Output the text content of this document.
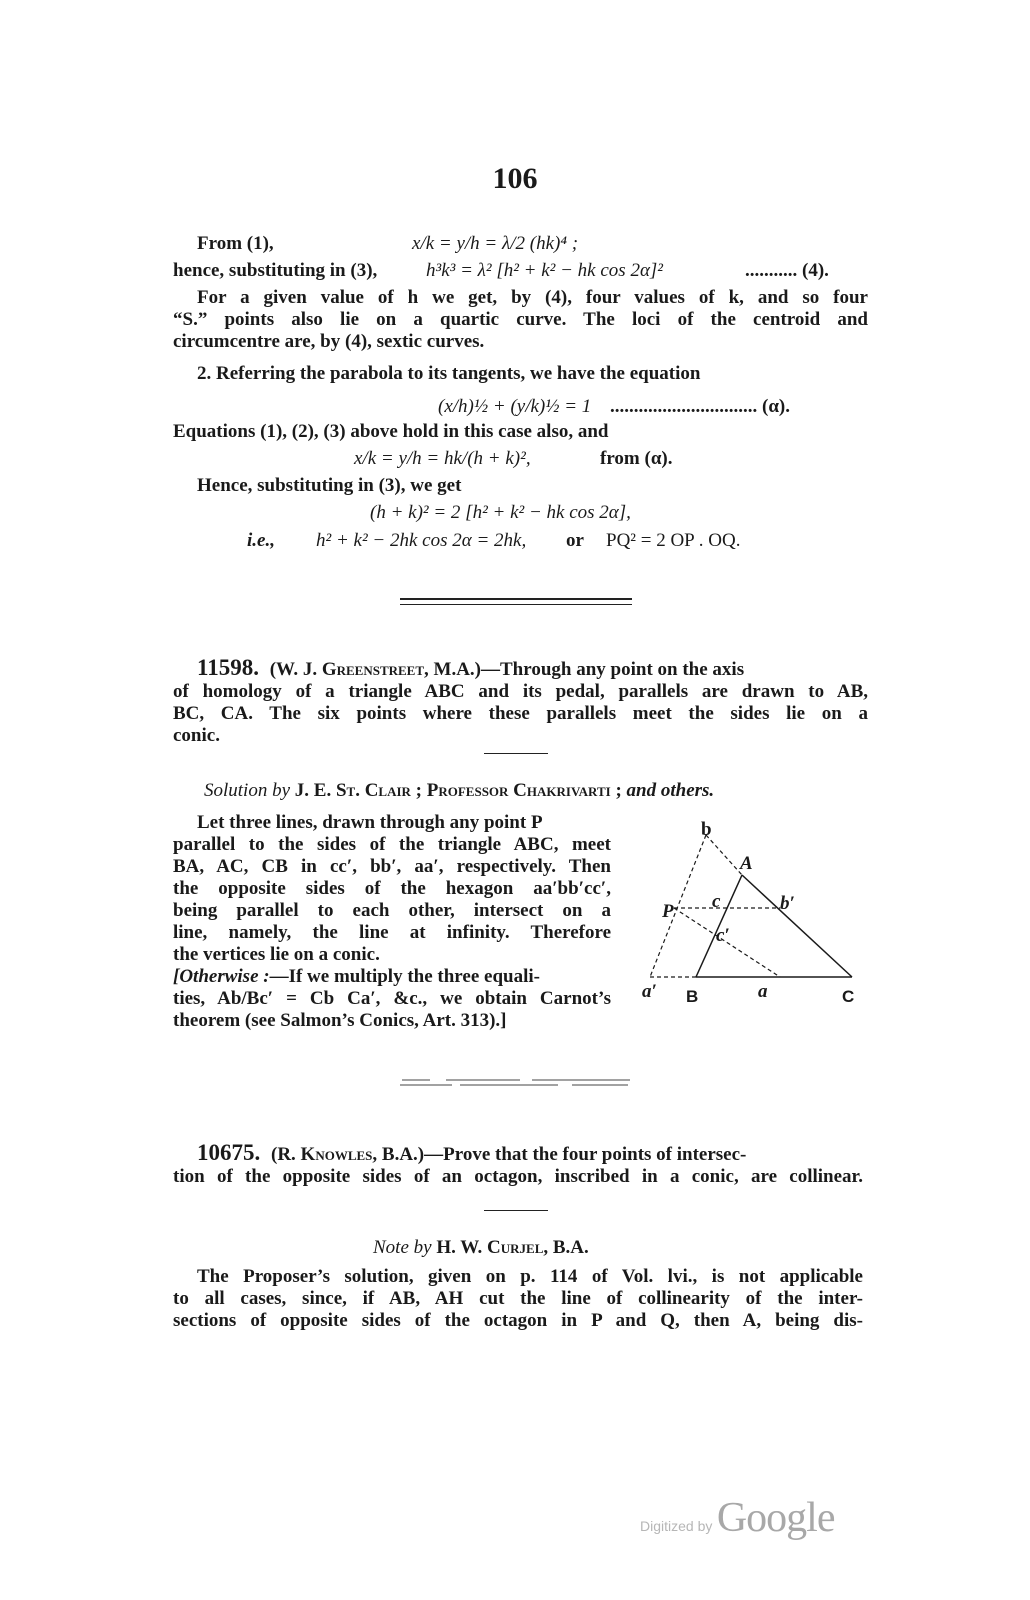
106
From (1),	x/k = y/h = λ/2 (hk)⁴ ;
hence, substituting in (3),	h³k³ = λ² [h² + k² − hk cos 2α]²	........... (4).
For a given value of h we get, by (4), four values of k, and so four
“S.” points also lie on a quartic curve. The loci of the centroid and
circumcentre are, by (4), sextic curves.
2. Referring the parabola to its tangents, we have the equation
(x/h)½ + (y/k)½ = 1 ............................... (α).
Equations (1), (2), (3) above hold in this case also, and
x/k = y/h = hk/(h + k)²,	from (α).
Hence, substituting in (3), we get
(h + k)² = 2 [h² + k² − hk cos 2α],
i.e., h² + k² − 2hk cos 2α = 2hk, or PQ² = 2 OP . OQ.
11598. (W. J. Greenstreet, M.A.)—Through any point on the axis
of homology of a triangle ABC and its pedal, parallels are drawn to AB,
BC, CA. The six points where these parallels meet the sides lie on a
conic.
Solution by J. E. St. Clair ; Professor Chakrivarti ; and others.
Let three lines, drawn through any point P
parallel to the sides of the triangle ABC, meet
BA, AC, CB in cc′, bb′, aa′, respectively. Then
the opposite sides of the hexagon aa′bb′cc′,
being parallel to each other, intersect on a
line, namely, the line at infinity. Therefore
the vertices lie on a conic.
[Otherwise :—If we multiply the three equali-
ties, Ab/Bc′ = Cb Ca′, &c., we obtain Carnot’s
theorem (see Salmon’s Conics, Art. 313).]
b
A
P c	b′
c′
a′ B	a	C
10675. (R. Knowles, B.A.)—Prove that the four points of intersec-
tion of the opposite sides of an octagon, inscribed in a conic, are collinear.
Note by H. W. Curjel, B.A.
The Proposer’s solution, given on p. 114 of Vol. lvi., is not applicable
to all cases, since, if AB, AH cut the line of collinearity of the inter-
sections of opposite sides of the octagon in P and Q, then A, being dis-
Digitized by Google
